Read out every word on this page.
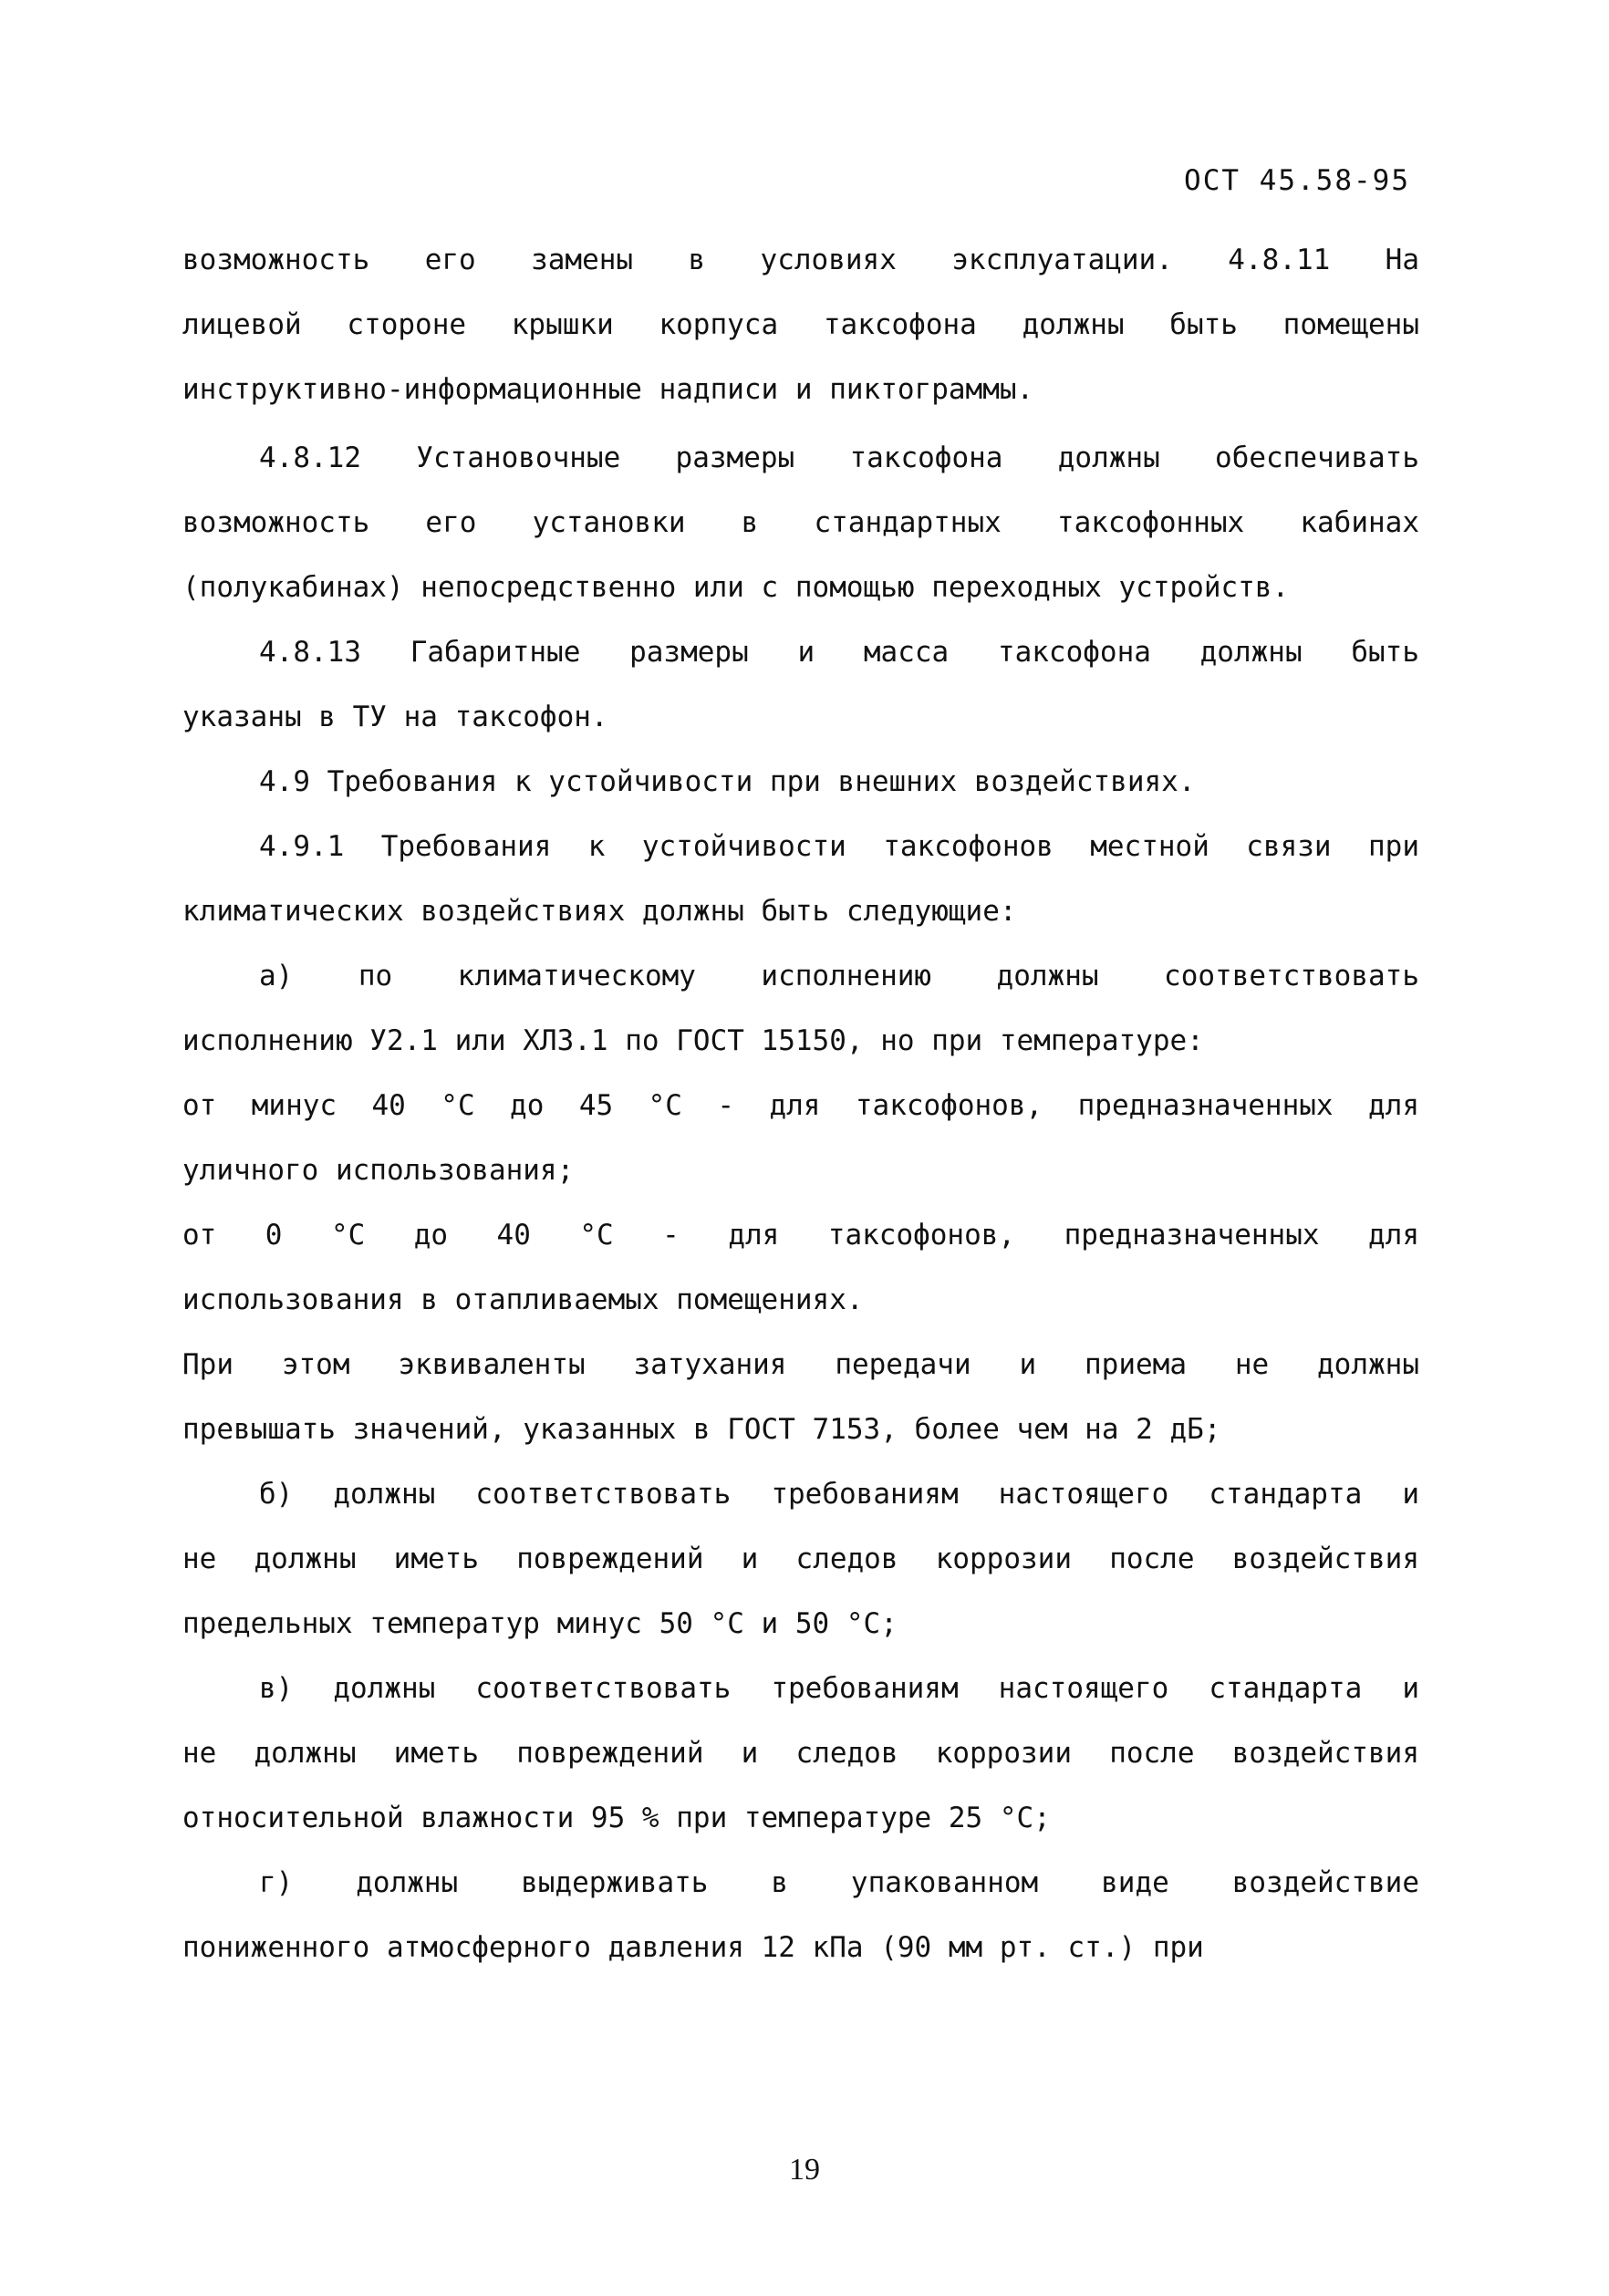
ОСТ 45.58-95
возможность его замены в условиях эксплуатации. 4.8.11 На
лицевой стороне крышки корпуса таксофона должны быть помещены
инструктивно-информационные надписи и пиктограммы.
4.8.12 Установочные размеры таксофона должны обеспечивать
возможность его установки в стандартных таксофонных кабинах
(полукабинах) непосредственно или с помощью переходных устройств.
4.8.13 Габаритные размеры и масса таксофона должны быть
указаны в ТУ на таксофон.
4.9 Требования к устойчивости при внешних воздействиях.
4.9.1 Требования к устойчивости таксофонов местной связи при
климатических воздействиях должны быть следующие:
а) по климатическому исполнению должны соответствовать
исполнению У2.1 или ХЛ3.1 по ГОСТ 15150, но при температуре:
от минус 40 °С до 45 °С - для таксофонов, предназначенных для
уличного использования;
от 0 °С до 40 °С - для таксофонов, предназначенных для
использования в отапливаемых помещениях.
При этом эквиваленты затухания передачи и приема не должны
превышать значений, указанных в ГОСТ 7153, более чем на 2 дБ;
б) должны соответствовать требованиям настоящего стандарта и
не должны иметь повреждений и следов коррозии после воздействия
предельных температур минус 50 °С и 50 °С;
в) должны соответствовать требованиям настоящего стандарта и
не должны иметь повреждений и следов коррозии после воздействия
относительной влажности 95 % при температуре 25 °С;
г) должны выдерживать в упакованном виде воздействие
пониженного атмосферного давления 12 кПа (90 мм рт. ст.) при
19
